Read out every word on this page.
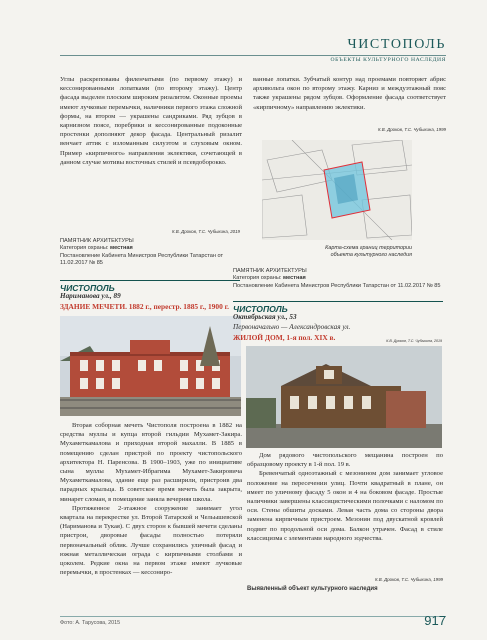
ЧИСТОПОЛЬ
ОБЪЕКТЫ КУЛЬТУРНОГО НАСЛЕДИЯ

Углы раскреповаиы филенчатыми (по первому этажу) и кессонированными лопатками (по второму этажу). Центр фасада выделен плоским широким ризалитом. Оконные проемы имеют лучковые перемычки, наличники первого этажа сложной формы, на втором — украшены сандриками. Ряд зубцов в карнизном поясе, поребрики и кессонированные подоконные простенки дополняют декор фасада. Центральный ризалит венчает аттик с изломанным силуэтом и слуховым окном. Пример «кирпичного» направления эклектики, сочетающей в данном случае мотивы восточных стилей и псевдоборокко.

К.В. Дроков, Т.С. Чубыкина, 2019

ванные лопатки. Зубчатый контур над проемами повторяет абрис архивольта окон по второму этажу. Карниз и междуэтажный пояс также украшены рядом зубцов. Оформление фасада соответствует «кирпичному» направлению эклектики.

К.В. Дроков, Т.С. Чубыкина, 1999
Карта-схема границ территории
объекта культурного наследия
ПАМЯТНИК АРХИТЕКТУРЫ
Категория охраны: местная
Постановление Кабинета Министров Республики Татарстан от 11.02.2017 № 85
ЧИСТОПОЛЬ
Нариманова ул., 89
ЗДАНИЕ МЕЧЕТИ. 1882 г., перестр. 1885 г., 1900 г.
ПАМЯТНИК АРХИТЕКТУРЫ
Категория охраны: местная
Постановление Кабинета Министров Республики Татарстан от 11.02.2017 № 85
ЧИСТОПОЛЬ
Октябрьская ул., 53
Первоначально — Александровская ул.
ЖИЛОЙ ДОМ, 1-я пол. XIX в.	К.В. Дроков, Т.С. Чубыкина, 2019

Вторая соборная мечеть Чистополя построена в 1882 на средства муллы и купца второй гильдии Мухамет-Закира. Мухаметкамалова и приходная второй махалли. В 1885 в помещению сделан пристрой по проекту чистопольского архитектора Н. Паренсова. В 1900–1903, уже по инициативе сына муллы Мухамет-Ибрагима Мухамет-Закировича Мухаметкамалова, здание еще раз расширили, пристроив два парадных крыльца. В советское время мечеть была закрыта, минарет сломан, в помещение заняла вечерняя школа.

Протяженное 2-этажное сооружение занимает угол квартала на перекрестке ул. Второй Татарской и Чельышевской (Нариманова и Тукая). С двух сторон к бывшей мечети сделаны пристрои, дворовые фасады полностью потеряли первоначальный облик. Лучше сохранились уличный фасад и южная металлическая ограда с кирпичными столбами и цоколем. Редкие окна на первом этаже имеют лучковые перемычки, в простенках — кессониро-

Дом рядового чистопольского мещанина построен по образцовому проекту в 1-й пол. 19 в.

Бревенчатый одноэтажный с мезонином дом занимает угловое положение на пересечении улиц. Почти квадратный в плане, он имеет по уличному фасаду 5 окон и 4 на боковом фасаде. Простые наличники завершены классицистическими полочками с наломом по оси. Стены обшиты досками. Левая часть дома со стороны двора заменена кирпичным пристроем. Мезонин под двускатной кровлей подвит по продольной оси дома. Балкон утрачен. Фасад в стиле классицизма с элементами народного зодчества.

К.В. Дроков, Т.С. Чубыкина, 1999
Выявленный объект культурного наследия
Фото: А. Тарусова, 2015	917
